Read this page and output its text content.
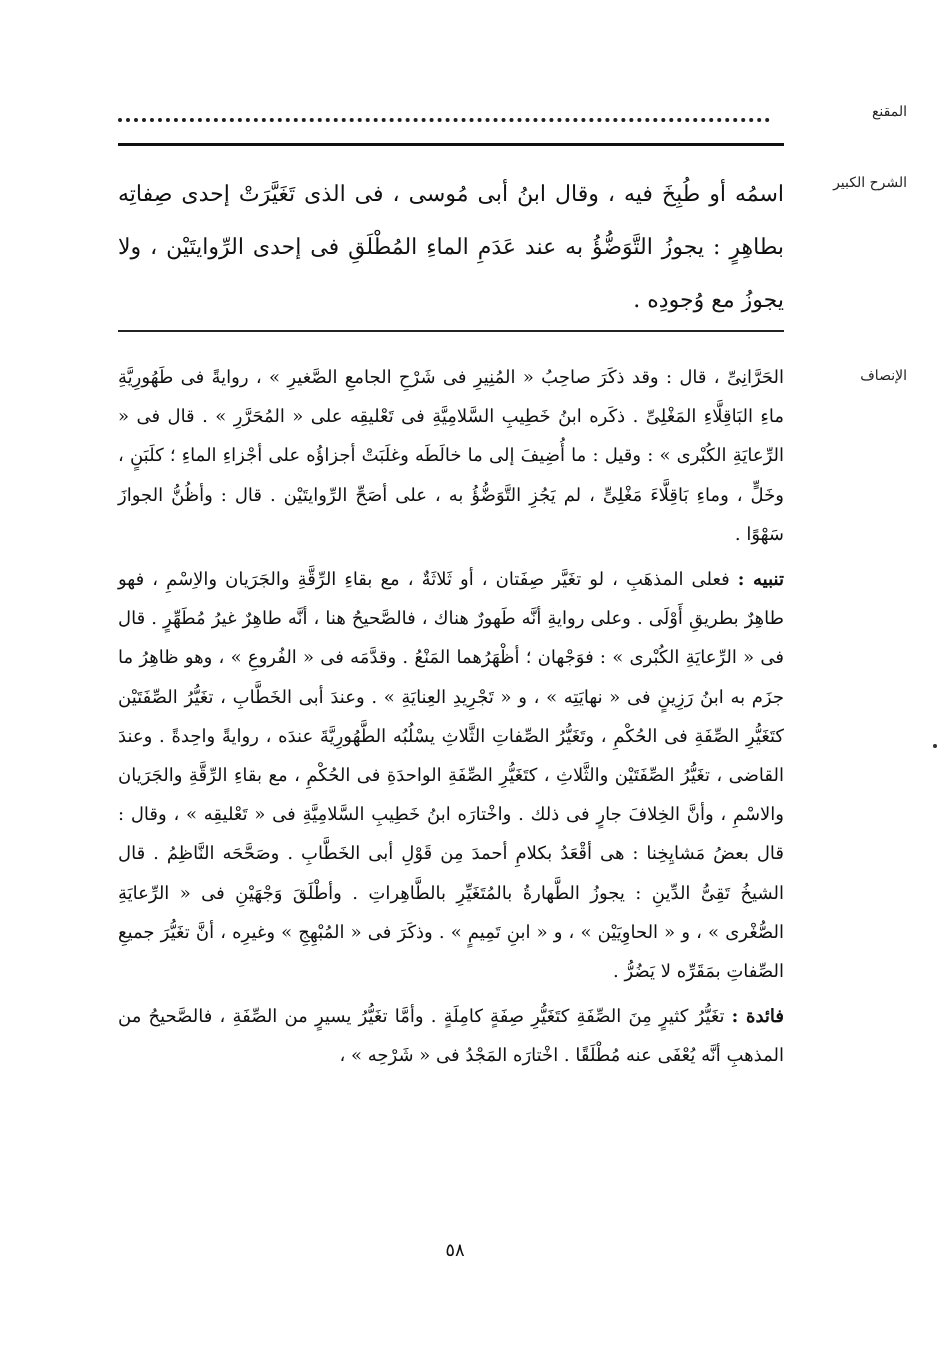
المقنع
الشرح الكبير

اسمُه أو طُبِخَ فيه ، وقال ابنُ أبى مُوسى ، فى الذى تَغَيَّرَتْ إحدى صِفاتِه بطاهِرٍ : يجوزُ التَّوَضُّؤُ به عند عَدَمِ الماءِ المُطْلَقِ فى إحدى الرِّوايتَيْن ، ولا يجوزُ مع وُجودِه .

الإنصاف

الحَرَّانِىِّ ، قال : وقد ذكَرَ صاحِبُ « المُنِيرِ فى شَرْحِ الجامعِ الصَّغيرِ » ، روايةً فى طَهُورِيَّةِ ماءِ البَاقِلَّاءِ المَغْلِىِّ . ذكَره ابنُ خَطِيبِ السَّلامِيَّةِ فى تَعْليقِه على « المُحَرَّرِ » . قال فى « الرِّعايَةِ الكُبْرى » : وقيل : ما أُضِيفَ إلى ما خالَطَه وغلَبَتْ أجزاؤُه على أجْزاءِ الماءِ ؛ كلَبَنٍ ، وخَلٍّ ، وماءِ بَاقِلَّاءَ مَغْلِىٍّ ، لم يَجُزِ التَّوَضُّؤُ به ، على أصَحِّ الرِّوايتَيْن . قال : وأظُنُّ الجوازَ سَهْوًا .

تنبيه : فعلى المذهَبِ ، لو تغَيَّر صِفَتان ، أو ثَلاثَةٌ ، مع بقاءِ الرِّقَّةِ والجَرَيان والاِسْمِ ، فهو طاهِرٌ بطريقِ أَوْلَى . وعلى روايةِ أنَّه طَهورٌ هناك ، فالصَّحيحُ هنا ، أنَّه طاهِرٌ غيرُ مُطَهِّرٍ . قال فى « الرِّعايَةِ الكُبْرى » : فوَجْهان ؛ أظْهَرُهما المَنْعُ . وقدَّمَه فى « الفُروعِ » ، وهو ظاهِرُ ما جزَم به ابنُ رَزِينٍ فى « نهايَتِه » ، و « تَجْرِيدِ العِنايَةِ » . وعندَ أبى الخَطَّابِ ، تغَيُّرُ الصِّفَتَيْن كتَغَيُّرِ الصِّفَةِ فى الحُكْمِ ، وتَغَيُّرُ الصِّفاتِ الثَّلاثِ يسْلُبُه الطَّهُورِيَّةَ عندَه ، روايةً واحِدةً . وعندَ القاضى ، تغَيُّرُ الصِّفَتَيْن والثَّلاثِ ، كتَغَيُّرِ الصِّفَةِ الواحدَةِ فى الحُكْمِ ، مع بقاءِ الرِّقَّةِ والجَرَيان والاسْمِ ، وأنَّ الخِلافَ جارٍ فى ذلك . واخْتارَه ابنُ خَطِيبِ السَّلامِيَّةِ فى « تَعْليقِه » ، وقال : قال بعضُ مَشايِخِنا : هى أقْعَدُ بكلامِ أحمدَ مِن قَوْلِ أبى الخَطَّابِ . وصَحَّحَه النَّاظِمُ . قال الشيخُ تَقِىُّ الدِّينِ : يجوزُ الطَّهارةُ بالمُتَغَيِّرِ بالطَّاهِراتِ . وأطْلَقَ وَجْهَيْنِ فى « الرِّعايَةِ الصُّغْرى » ، و « الحاوِيَيْن » ، و « ابنِ تَمِيمٍ » . وذكَرَ فى « المُبْهِجِ » وغيرِه ، أنَّ تغَيُّرَ جميعِ الصِّفاتِ بمَقَرِّه لا يَضُرُّ .

فائدة : تغَيُّرُ كثيرٍ مِنَ الصِّفَةِ كتَغَيُّرِ صِفَةٍ كامِلَةٍ . وأمَّا تغَيُّرُ يسيرٍ من الصِّفَةِ ، فالصَّحيحُ من المذهبِ أنَّه يُعْفَى عنه مُطْلَقًا . اخْتارَه المَجْدُ فى « شَرْحِه » ،

٥٨
